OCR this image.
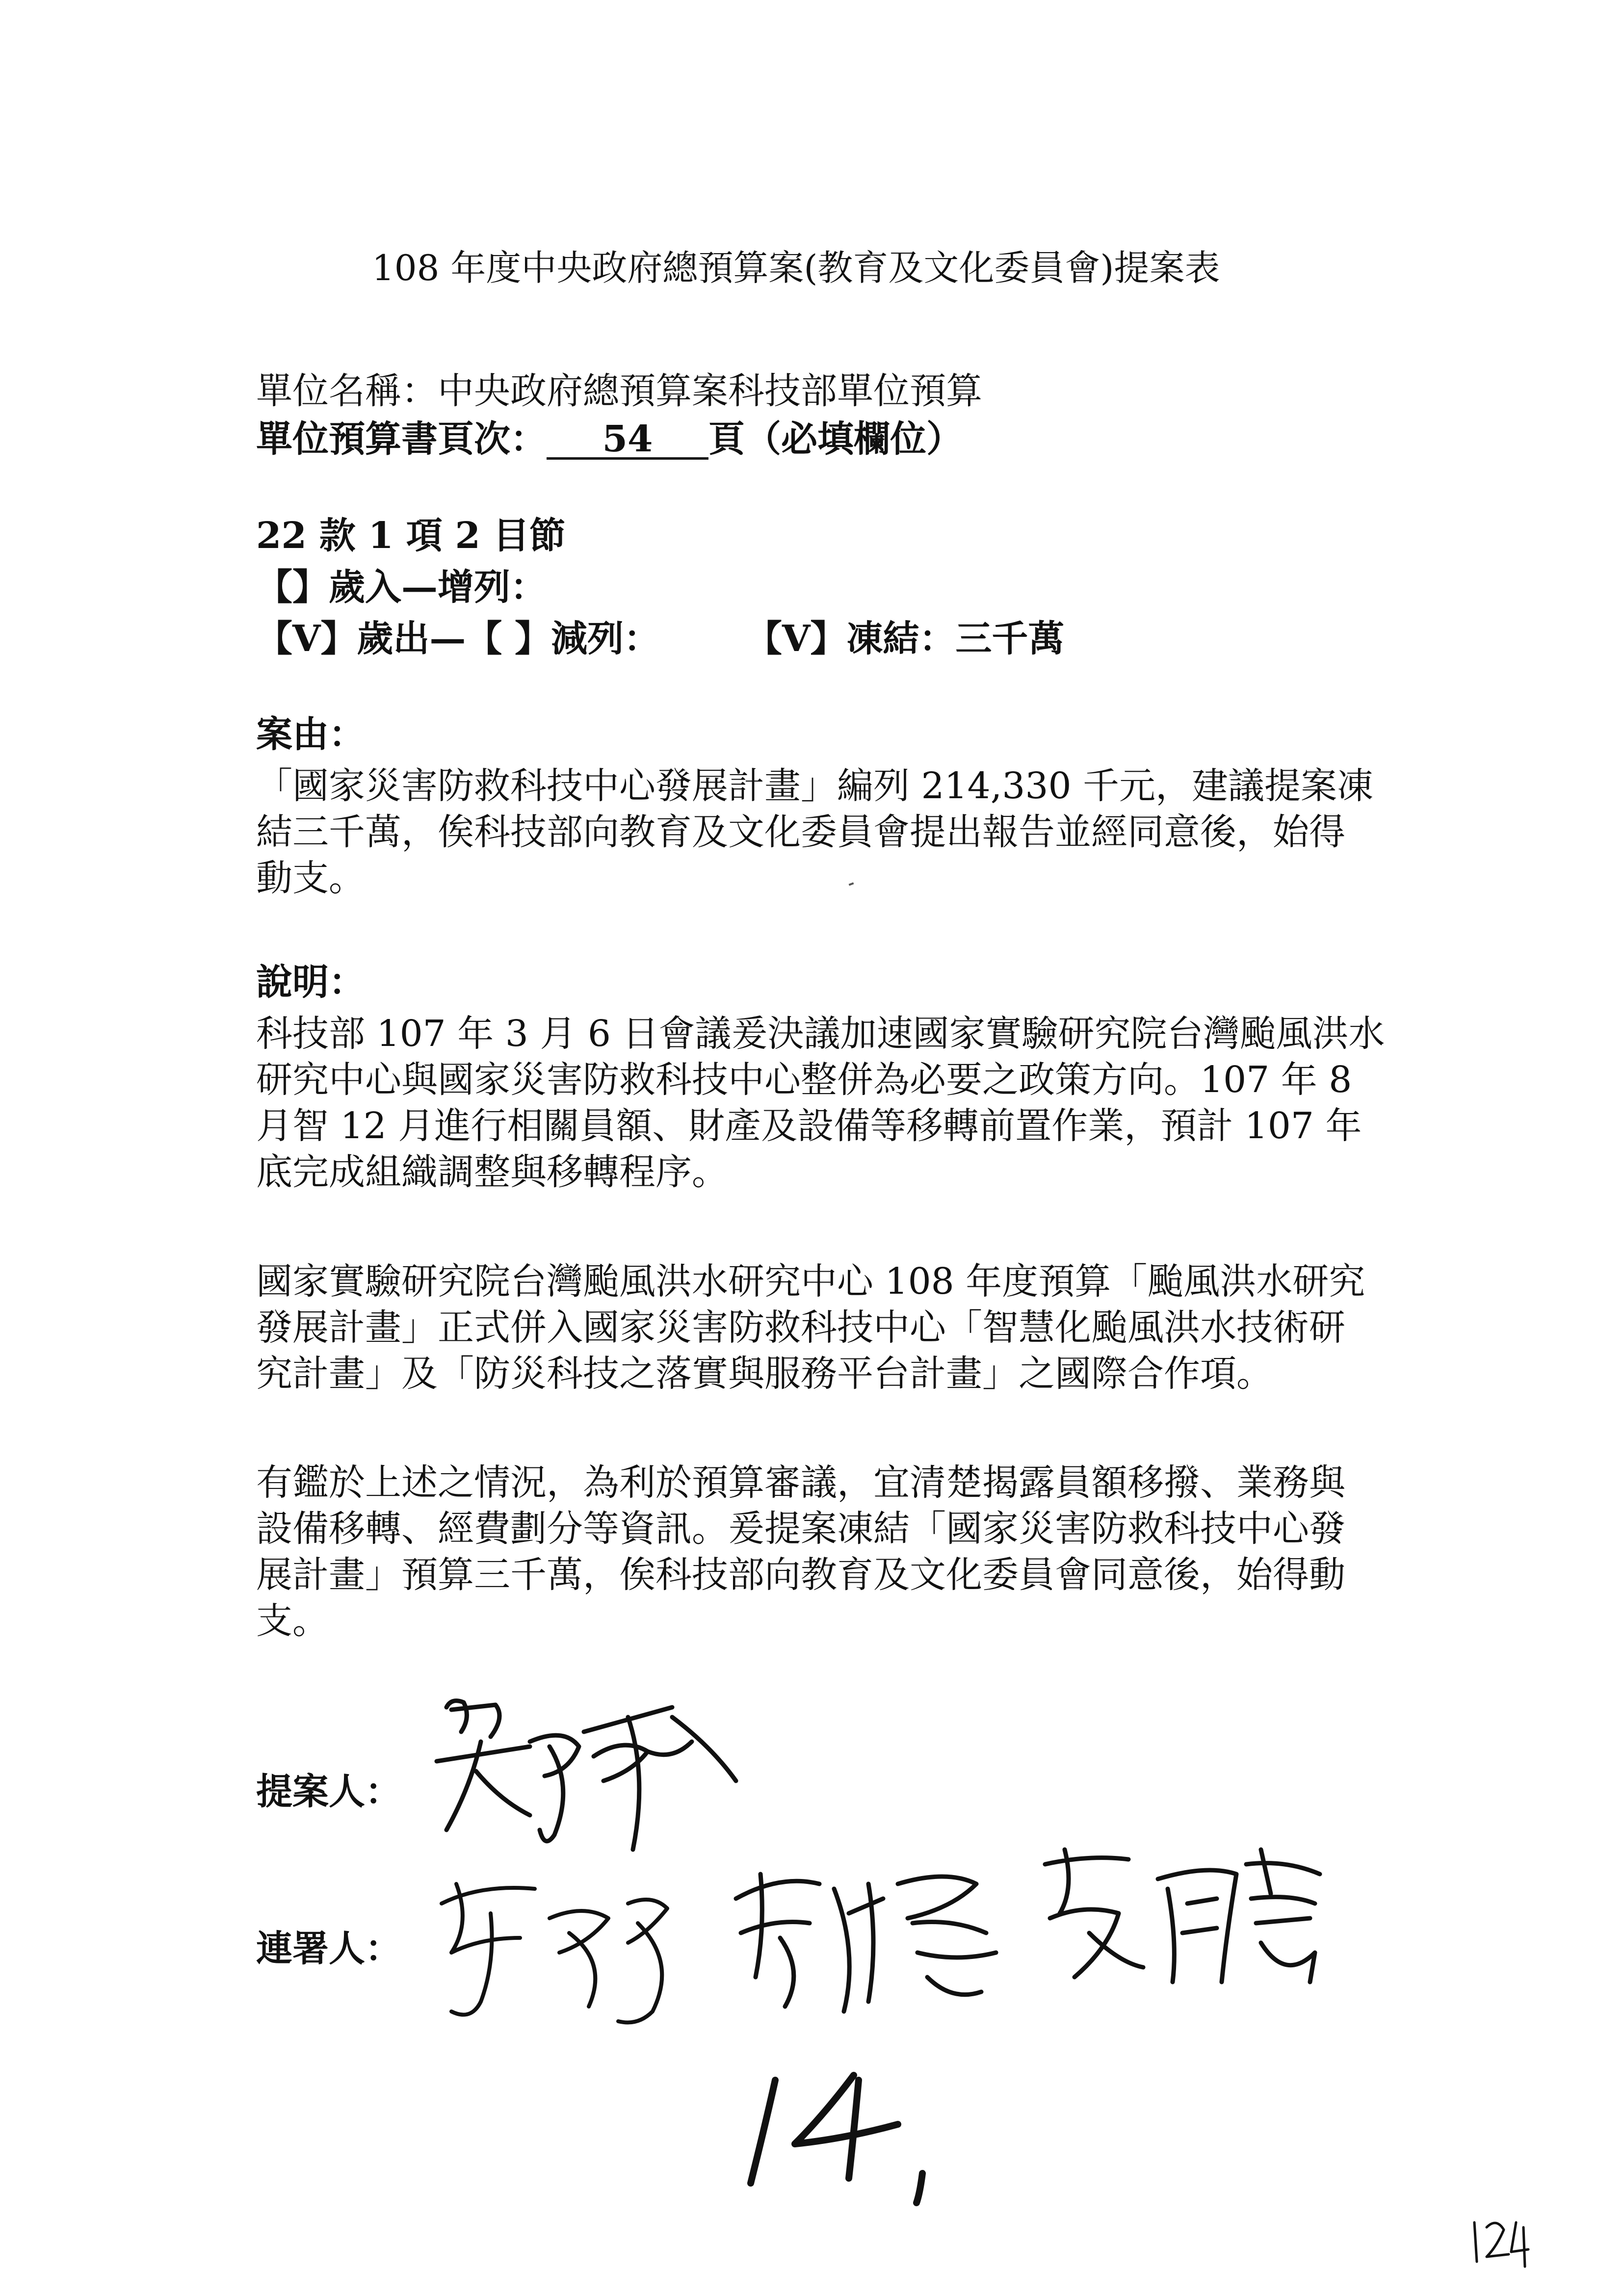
108 年度中央政府總預算案(教育及文化委員會)提案表
單位名稱：中央政府總預算案科技部單位預算
單位預算書頁次： 54 頁（必填欄位）
22 款 1 項 2 目節
【】歲入—增列：
【V】歲出—【 】減列： 【V】凍結：三千萬
案由：
「國家災害防救科技中心發展計畫」編列 214,330 千元，建議提案凍
結三千萬，俟科技部向教育及文化委員會提出報告並經同意後，始得
動支。
說明：
科技部 107 年 3 月 6 日會議爰決議加速國家實驗研究院台灣颱風洪水
研究中心與國家災害防救科技中心整併為必要之政策方向。107 年 8
月智 12 月進行相關員額、財產及設備等移轉前置作業，預計 107 年
底完成組織調整與移轉程序。
國家實驗研究院台灣颱風洪水研究中心 108 年度預算「颱風洪水研究
發展計畫」正式併入國家災害防救科技中心「智慧化颱風洪水技術研
究計畫」及「防災科技之落實與服務平台計畫」之國際合作項。
有鑑於上述之情況，為利於預算審議，宜清楚揭露員額移撥、業務與
設備移轉、經費劃分等資訊。爰提案凍結「國家災害防救科技中心發
展計畫」預算三千萬，俟科技部向教育及文化委員會同意後，始得動
支。
提案人：
連署人：
